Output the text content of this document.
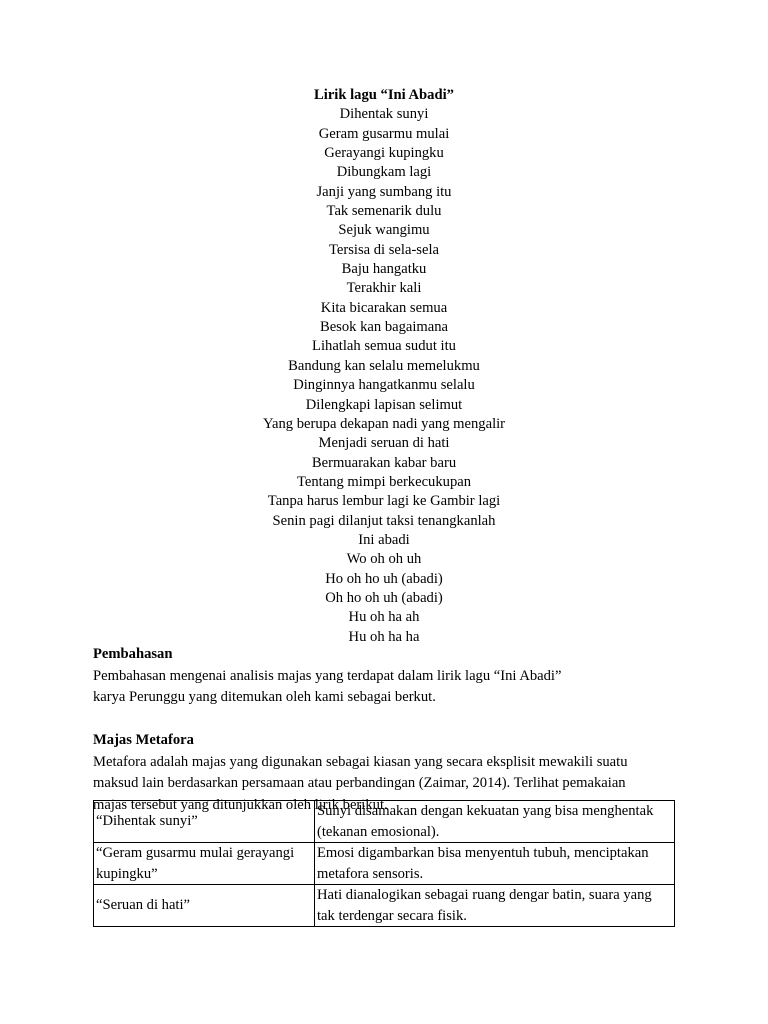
Lirik lagu “Ini Abadi”
Dihentak sunyi
Geram gusarmu mulai
Gerayangi kupingku
Dibungkam lagi
Janji yang sumbang itu
Tak semenarik dulu
Sejuk wangimu
Tersisa di sela-sela
Baju hangatku
Terakhir kali
Kita bicarakan semua
Besok kan bagaimana
Lihatlah semua sudut itu
Bandung kan selalu memelukmu
Dinginnya hangatkanmu selalu
Dilengkapi lapisan selimut
Yang berupa dekapan nadi yang mengalir
Menjadi seruan di hati
Bermuarakan kabar baru
Tentang mimpi berkecukupan
Tanpa harus lembur lagi ke Gambir lagi
Senin pagi dilanjut taksi tenangkanlah
Ini abadi
Wo oh oh uh
Ho oh ho uh (abadi)
Oh ho oh uh (abadi)
Hu oh ha ah
Hu oh ha ha
Pembahasan
Pembahasan mengenai analisis majas yang terdapat dalam lirik lagu “Ini Abadi”
karya Perunggu yang ditemukan oleh kami sebagai berkut.
Majas Metafora
Metafora adalah majas yang digunakan sebagai kiasan yang secara eksplisit mewakili suatu
maksud lain berdasarkan persamaan atau perbandingan (Zaimar, 2014). Terlihat pemakaian
majas tersebut yang ditunjukkan oleh lirik berikut.
“Dihentak sunyi”	Sunyi disamakan dengan kekuatan yang bisa menghentak (tekanan emosional).
“Geram gusarmu mulai gerayangi kupingku”	Emosi digambarkan bisa menyentuh tubuh, menciptakan metafora sensoris.
“Seruan di hati”	Hati dianalogikan sebagai ruang dengar batin, suara yang tak terdengar secara fisik.
